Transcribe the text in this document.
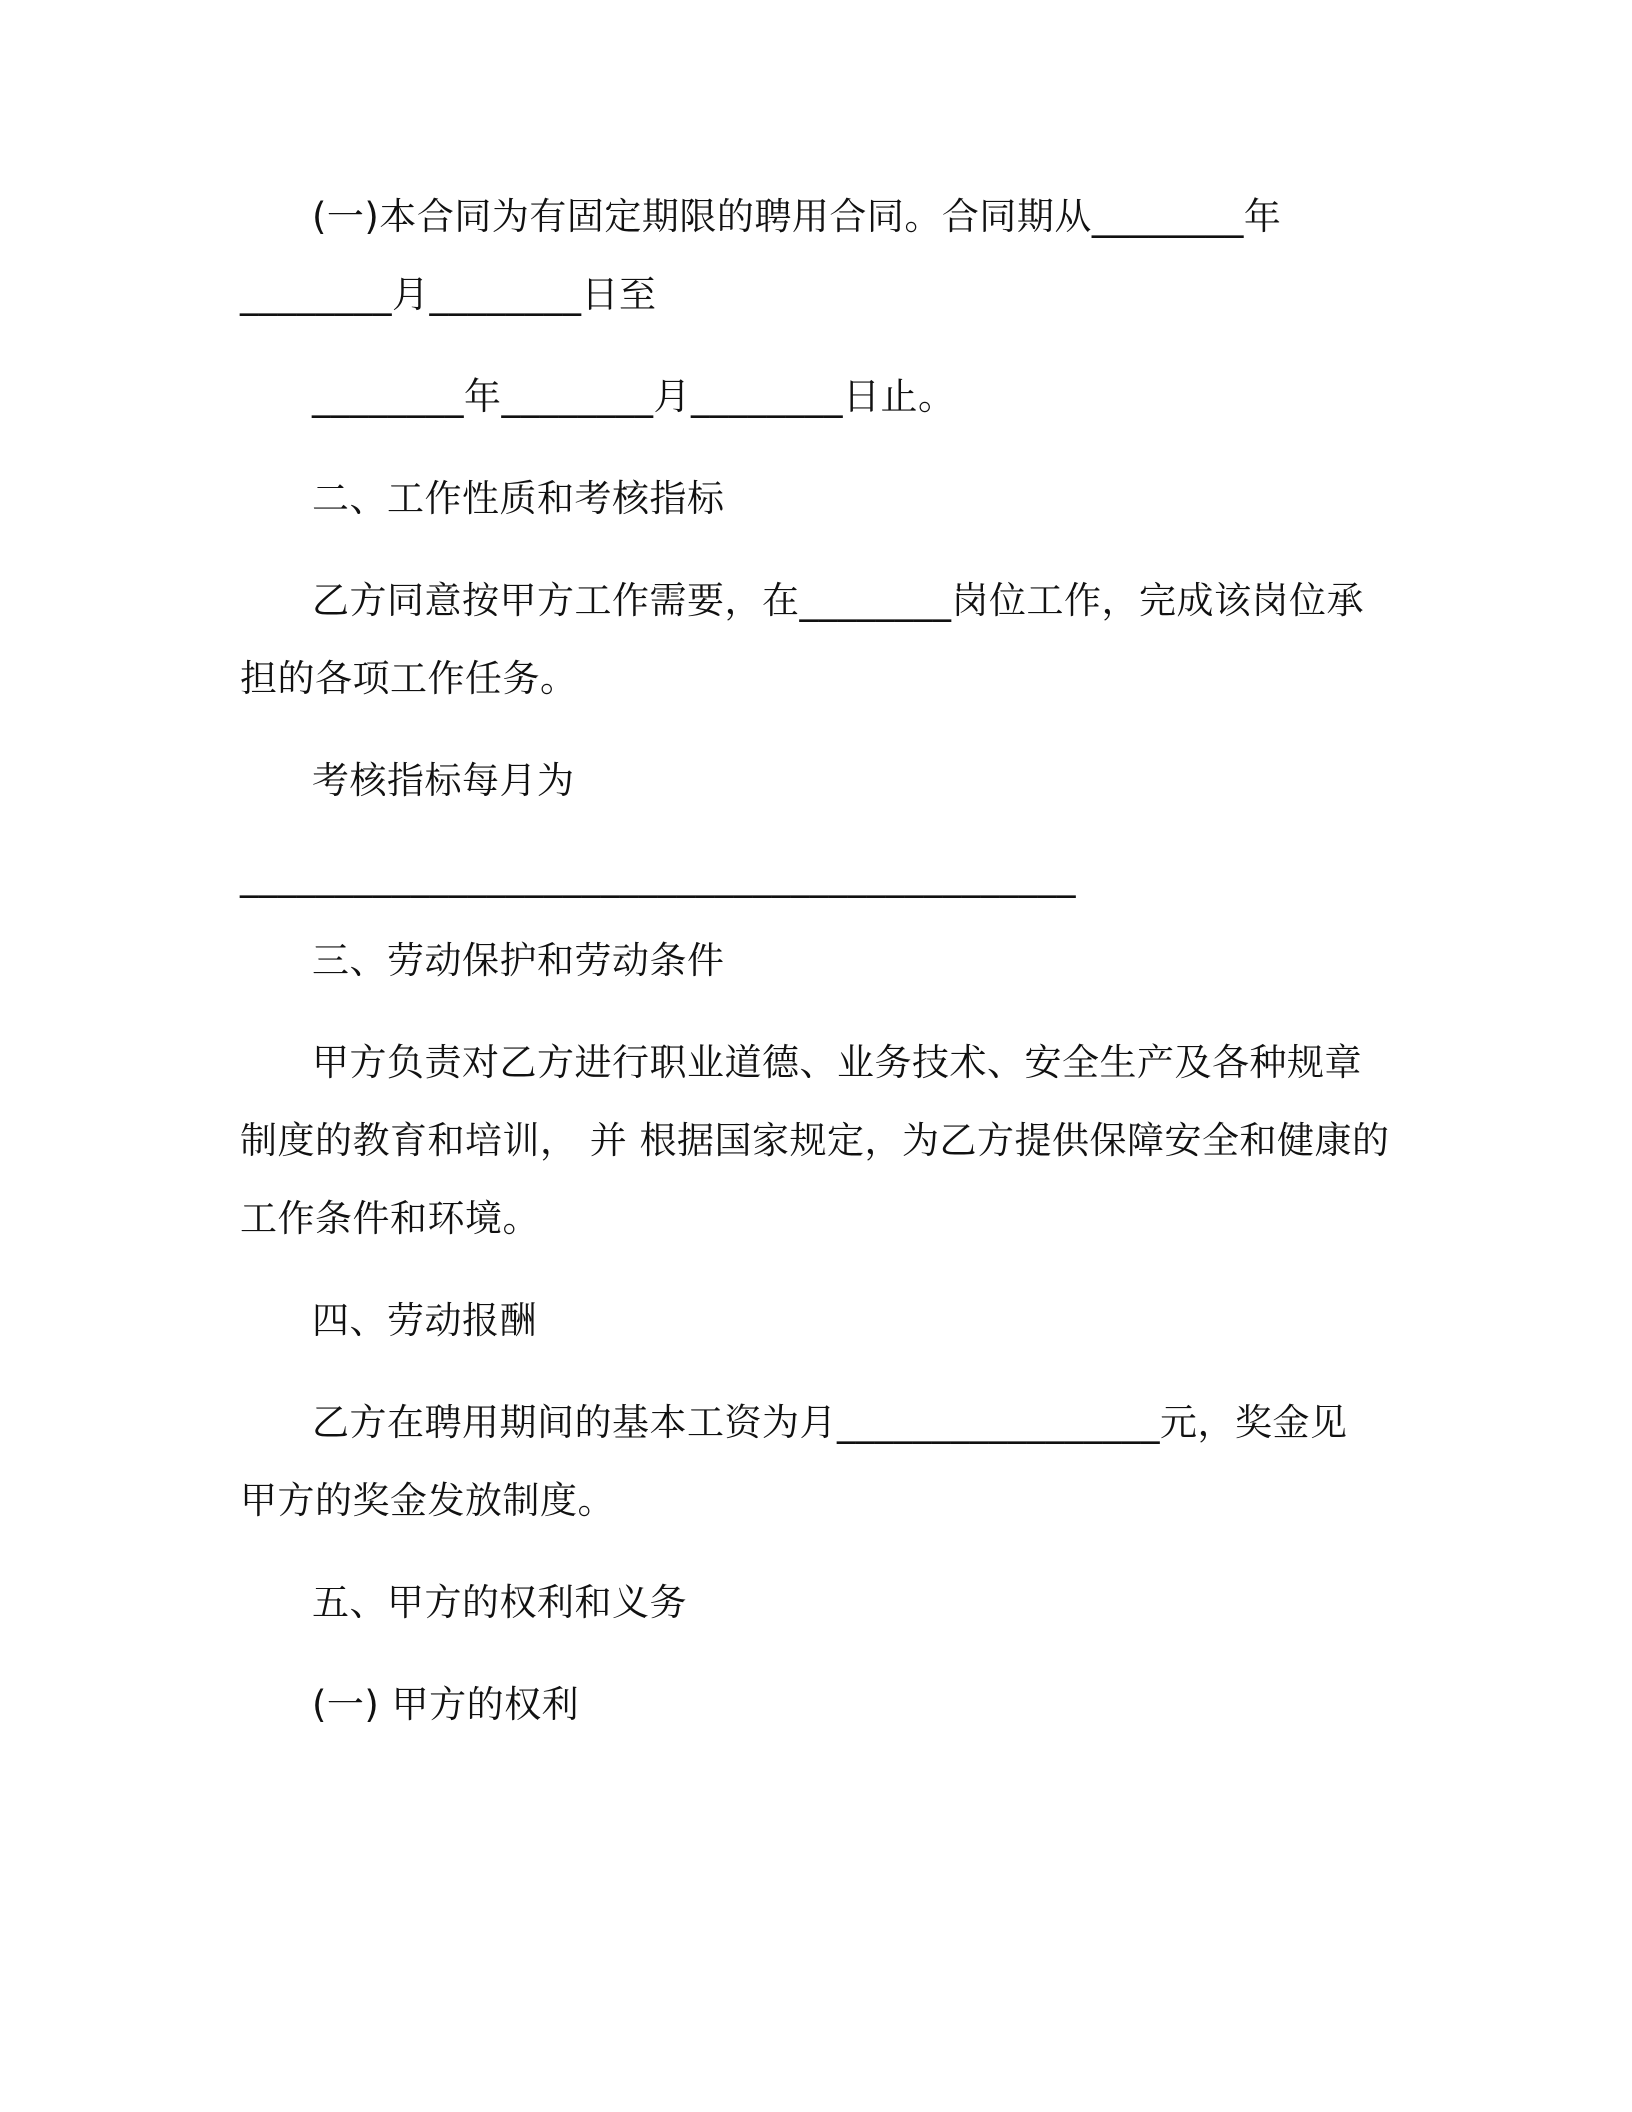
(一)本合同为有固定期限的聘用合同。合同期从________年

________月________日至

________年________月________日止。

二、工作性质和考核指标

乙方同意按甲方工作需要，在________岗位工作，完成该岗位承

担的各项工作任务。

考核指标每月为

____________________________________________

三、劳动保护和劳动条件

甲方负责对乙方进行职业道德、业务技术、安全生产及各种规章

制度的教育和培训， 并 根据国家规定，为乙方提供保障安全和健康的

工作条件和环境。

四、劳动报酬

乙方在聘用期间的基本工资为月_________________元，奖金见

甲方的奖金发放制度。

五、甲方的权利和义务

(一) 甲方的权利
